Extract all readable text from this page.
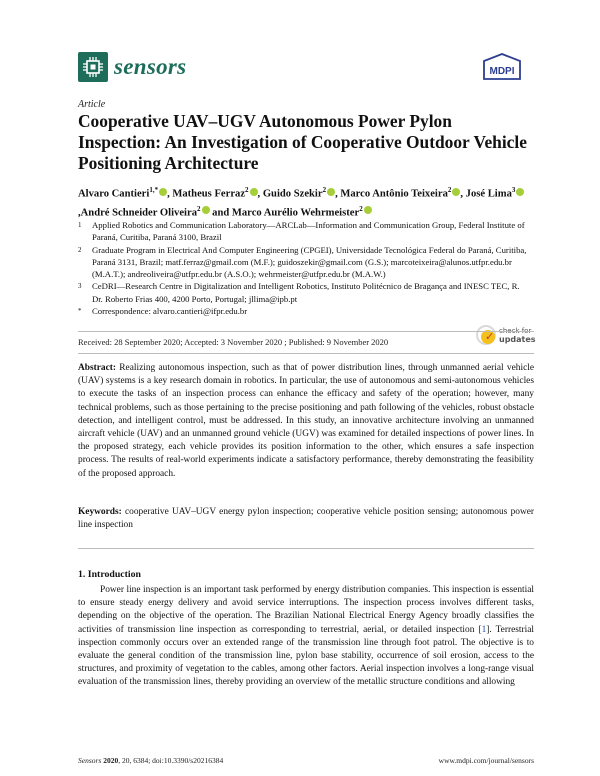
sensors	MDPI
Article
Cooperative UAV–UGV Autonomous Power Pylon Inspection: An Investigation of Cooperative Outdoor Vehicle Positioning Architecture
Alvaro Cantieri$^{1,*}$ , Matheus Ferraz$^2$ , Guido Szekir$^2$ , Marco Antônio Teixeira$^2$ , José Lima$^3$,André Schneider Oliveira$^2$ and Marco Aurélio Wehrmeister$^2$
1 Applied Robotics and Communication Laboratory—ARCLab—Information and Communication Group, Federal Institute of Paraná, Curitiba, Paraná 3100, Brazil
2 Graduate Program in Electrical And Computer Engineering (CPGEI), Universidade Tecnológica Federal do Paraná, Curitiba, Paraná 3131, Brazil; matf.ferraz@gmail.com (M.F.); guidoszekir@gmail.com (G.S.); marcoteixeira@alunos.utfpr.edu.br (M.A.T.); andreoliveira@utfpr.edu.br (A.S.O.); wehrmeister@utfpr.edu.br (M.A.W.)
3 CeDRI—Research Centre in Digitalization and Intelligent Robotics, Instituto Politécnico de Bragança and INESC TEC, R. Dr. Roberto Frias 400, 4200 Porto, Portugal; jllima@ipb.pt
* Correspondence: alvaro.cantieri@ifpr.edu.br
✓ check for
updates
Received: 28 September 2020; Accepted: 3 November 2020 ; Published: 9 November 2020
Abstract: Realizing autonomous inspection, such as that of power distribution lines, through unmanned aerial vehicle (UAV) systems is a key research domain in robotics. In particular, the use of autonomous and semi-autonomous vehicles to execute the tasks of an inspection process can enhance the efficacy and safety of the operation; however, many technical problems, such as those pertaining to the precise positioning and path following of the vehicles, robust obstacle detection, and intelligent control, must be addressed. In this study, an innovative architecture involving an unmanned aircraft vehicle (UAV) and an unmanned ground vehicle (UGV) was examined for detailed inspections of power lines. In the proposed strategy, each vehicle provides its position information to the other, which ensures a safe inspection process. The results of real-world experiments indicate a satisfactory performance, thereby demonstrating the feasibility of the proposed approach.
Keywords: cooperative UAV–UGV energy pylon inspection; cooperative vehicle position sensing; autonomous power line inspection
1. Introduction

Power line inspection is an important task performed by energy distribution companies. This inspection is essential to ensure steady energy delivery and avoid service interruptions. The inspection process involves different tasks, depending on the objective of the operation. The Brazilian National Electrical Energy Agency broadly classifies the activities of transmission line inspection as corresponding to terrestrial, aerial, or detailed inspection [1]. Terrestrial inspection commonly occurs over an extended range of the transmission line through foot patrol. The objective is to evaluate the general condition of the transmission line, pylon base stability, occurrence of soil erosion, access to the structures, and proximity of vegetation to the cables, among other factors. Aerial inspection involves a long-range visual evaluation of the transmission lines, thereby providing an overview of the metallic structure conditions and allowing

Sensors 2020, 20, 6384; doi:10.3390/s20216384	www.mdpi.com/journal/sensors
